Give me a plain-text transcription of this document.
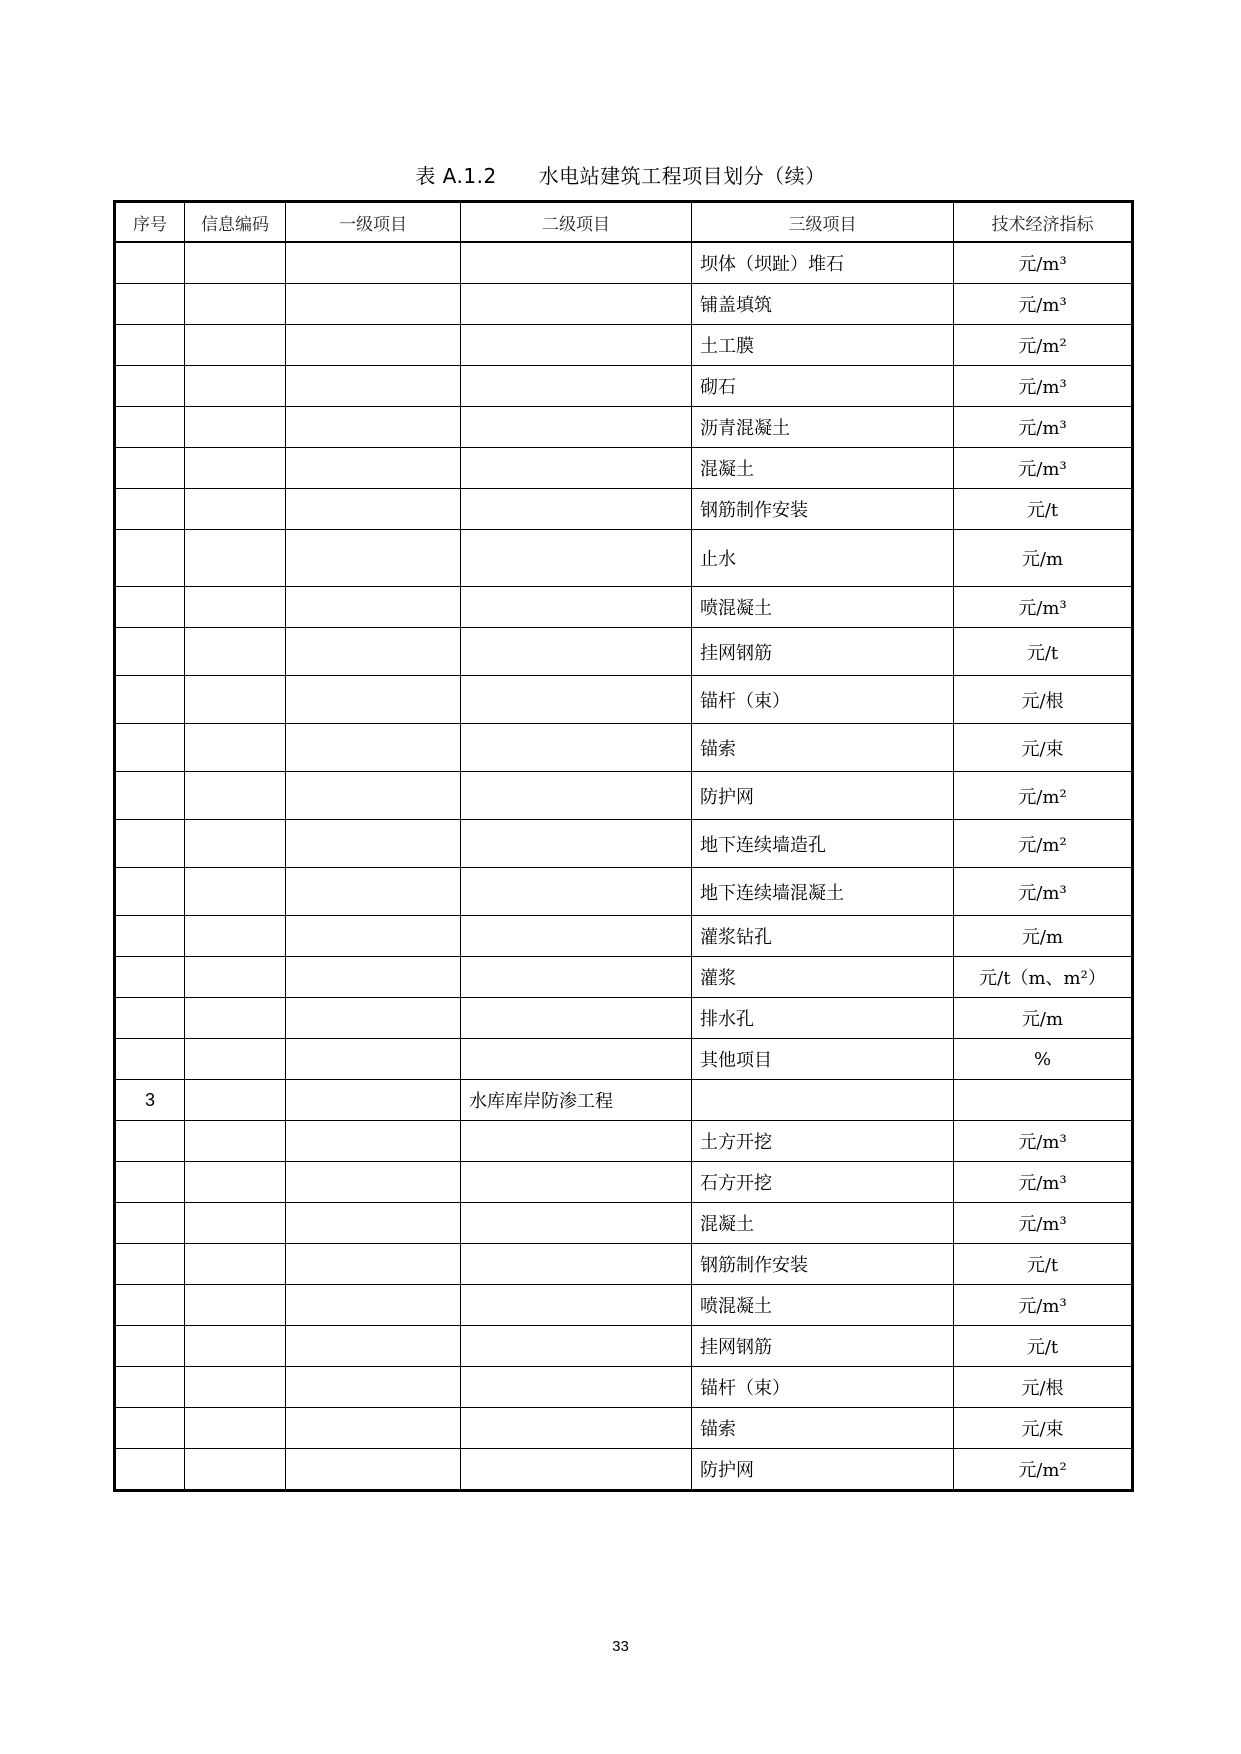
表 A.1.2 水电站建筑工程项目划分（续）
序号	信息编码	一级项目	二级项目	三级项目	技术经济指标
				坝体（坝趾）堆石	元/m³
				铺盖填筑	元/m³
				土工膜	元/m²
				砌石	元/m³
				沥青混凝土	元/m³
				混凝土	元/m³
				钢筋制作安装	元/t
				止水	元/m
				喷混凝土	元/m³
				挂网钢筋	元/t
				锚杆（束）	元/根
				锚索	元/束
				防护网	元/m²
				地下连续墙造孔	元/m²
				地下连续墙混凝土	元/m³
				灌浆钻孔	元/m
				灌浆	元/t（m、m²）
				排水孔	元/m
				其他项目	%
3			水库库岸防渗工程		
				土方开挖	元/m³
				石方开挖	元/m³
				混凝土	元/m³
				钢筋制作安装	元/t
				喷混凝土	元/m³
				挂网钢筋	元/t
				锚杆（束）	元/根
				锚索	元/束
				防护网	元/m²
33
